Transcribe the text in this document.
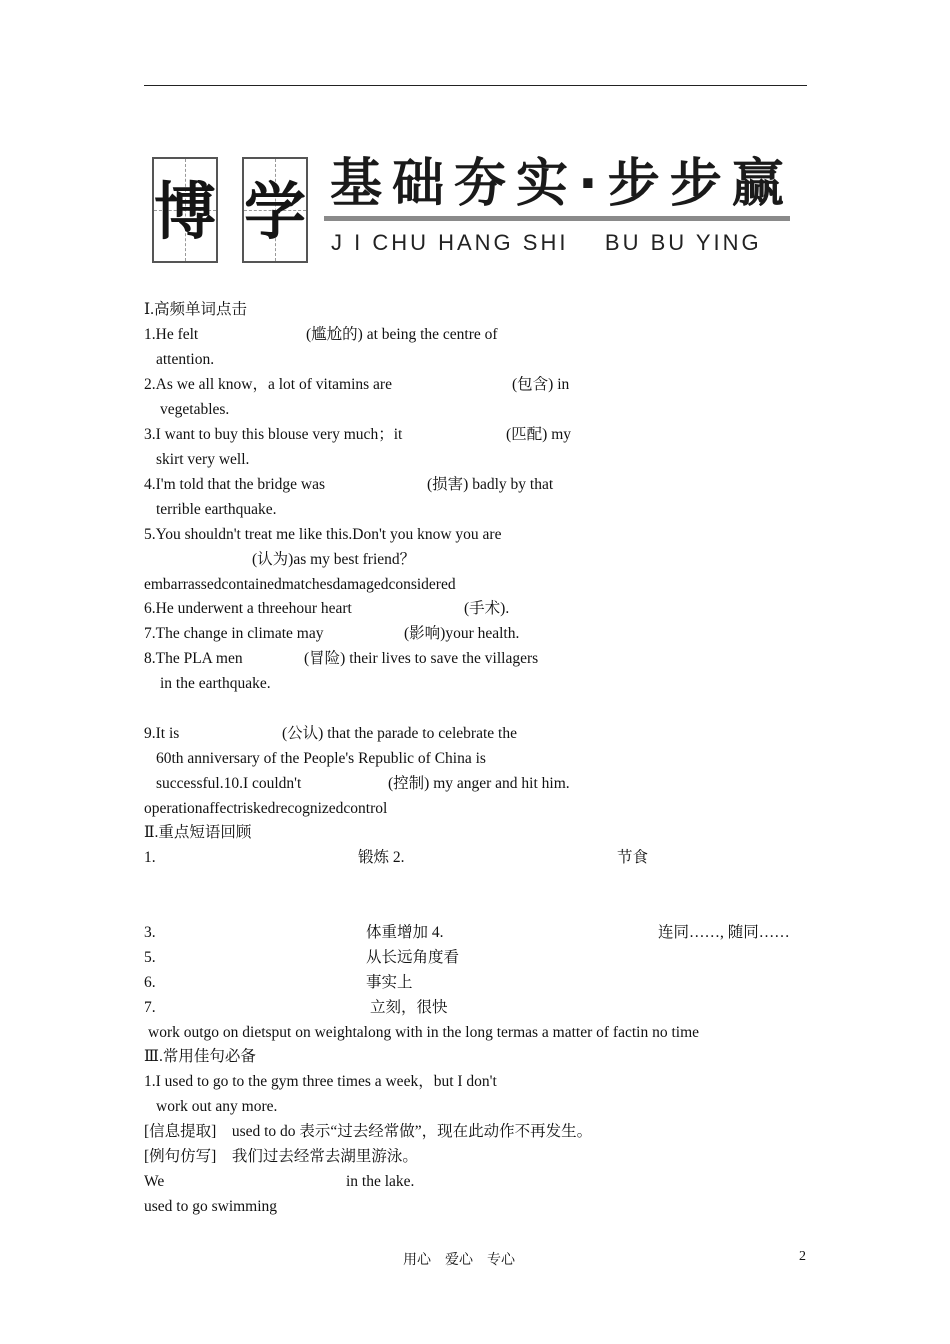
博 学 基础夯实·步步赢
J I CHU HANG SHI    BU BU YING
Ⅰ.高频单词点击
1.He felt	(尴尬的) at being the centre of
attention.
2.As we all know，a lot of vitamins are	(包含) in
vegetables.
3.I want to buy this blouse very much；it	(匹配) my
skirt very well.
4.I'm told that the bridge was	(损害) badly by that
terrible earthquake.
5.You shouldn't treat me like this.Don't you know you are
(认为)as my best friend？
embarrassedcontainedmatchesdamagedconsidered
6.He underwent a threehour heart	(手术).
7.The change in climate may	(影响)your health.
8.The PLA men	(冒险) their lives to save the villagers
in the earthquake.
9.It is	(公认) that the parade to celebrate the
60th anniversary of the People's Republic of China is
successful.10.I couldn't	(控制) my anger and hit him.
operationaffectriskedrecognizedcontrol
Ⅱ.重点短语回顾
1.	锻炼 2.	节食
3.	体重增加 4.	连同……, 随同……
5.	从长远角度看
6.	事实上
7.	立刻，很快
work outgo on dietsput on weightalong with in the long termas a matter of factin no time
Ⅲ.常用佳句必备
1.I used to go to the gym three times a week，but I don't
work out any more.
[信息提取]　used to do 表示“过去经常做”，现在此动作不再发生。
[例句仿写]　我们过去经常去湖里游泳。
We	in the lake.
used to go swimming
用心　爱心　专心	2
